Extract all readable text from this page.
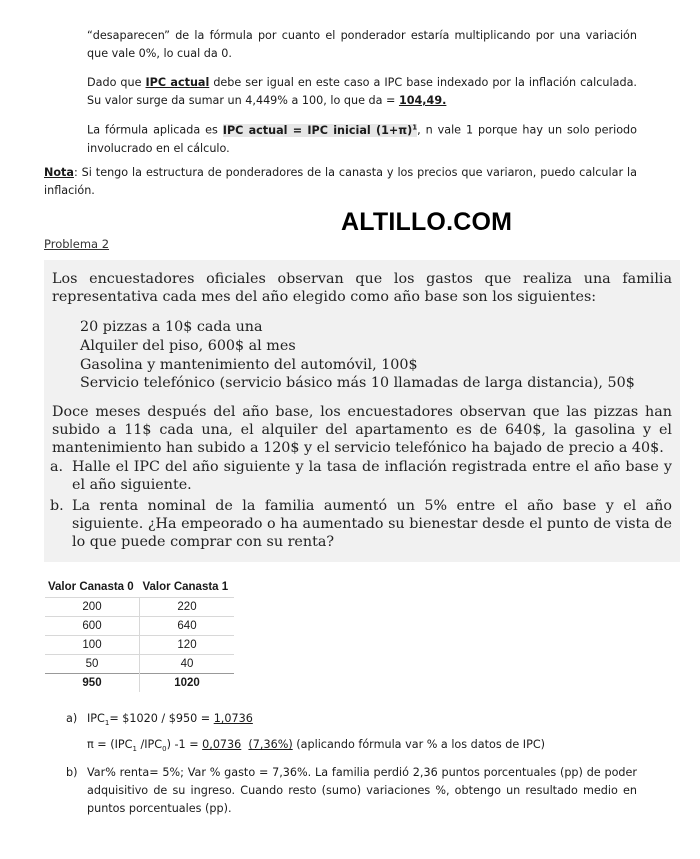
“desaparecen” de la fórmula por cuanto el ponderador estaría multiplicando por una variación que vale 0%, lo cual da 0.
Dado que IPC actual debe ser igual en este caso a IPC base indexado por la inflación calculada. Su valor surge da sumar un 4,449% a 100, lo que da = 104,49.
La fórmula aplicada es IPC actual = IPC inicial $(1+\pi)^1$, n vale 1 porque hay un solo periodo involucrado en el cálculo.
Nota: Si tengo la estructura de ponderadores de la canasta y los precios que variaron, puedo calcular la inflación.
ALTILLO.COM
Problema 2
Los encuestadores oficiales observan que los gastos que realiza una familia representativa cada mes del año elegido como año base son los siguientes:
20 pizzas a 10$ cada una
Alquiler del piso, 600$ al mes
Gasolina y mantenimiento del automóvil, 100$
Servicio telefónico (servicio básico más 10 llamadas de larga distancia), 50$
Doce meses después del año base, los encuestadores observan que las pizzas han subido a 11$ cada una, el alquiler del apartamento es de 640$, la gasolina y el mantenimiento han subido a 120$ y el servicio telefónico ha bajado de precio a 40$.
a. Halle el IPC del año siguiente y la tasa de inflación registrada entre el año base y el año siguiente.
b. La renta nominal de la familia aumentó un 5% entre el año base y el año siguiente. ¿Ha empeorado o ha aumentado su bienestar desde el punto de vista de lo que puede comprar con su renta?
Valor Canasta 0	Valor Canasta 1
200	220
600	640
100	120
50	40
950	1020
a) $IPC_1=$ $1020 / $950 = 1,0736
$\pi = (IPC_1$ $/IPC_0$) -1 = 0,0736 (7,36%) (aplicando fórmula var % a los datos de IPC)
b) Var% renta= 5%; Var % gasto = 7,36%. La familia perdió 2,36 puntos porcentuales (pp) de poder adquisitivo de su ingreso. Cuando resto (sumo) variaciones %, obtengo un resultado medio en puntos porcentuales (pp).
